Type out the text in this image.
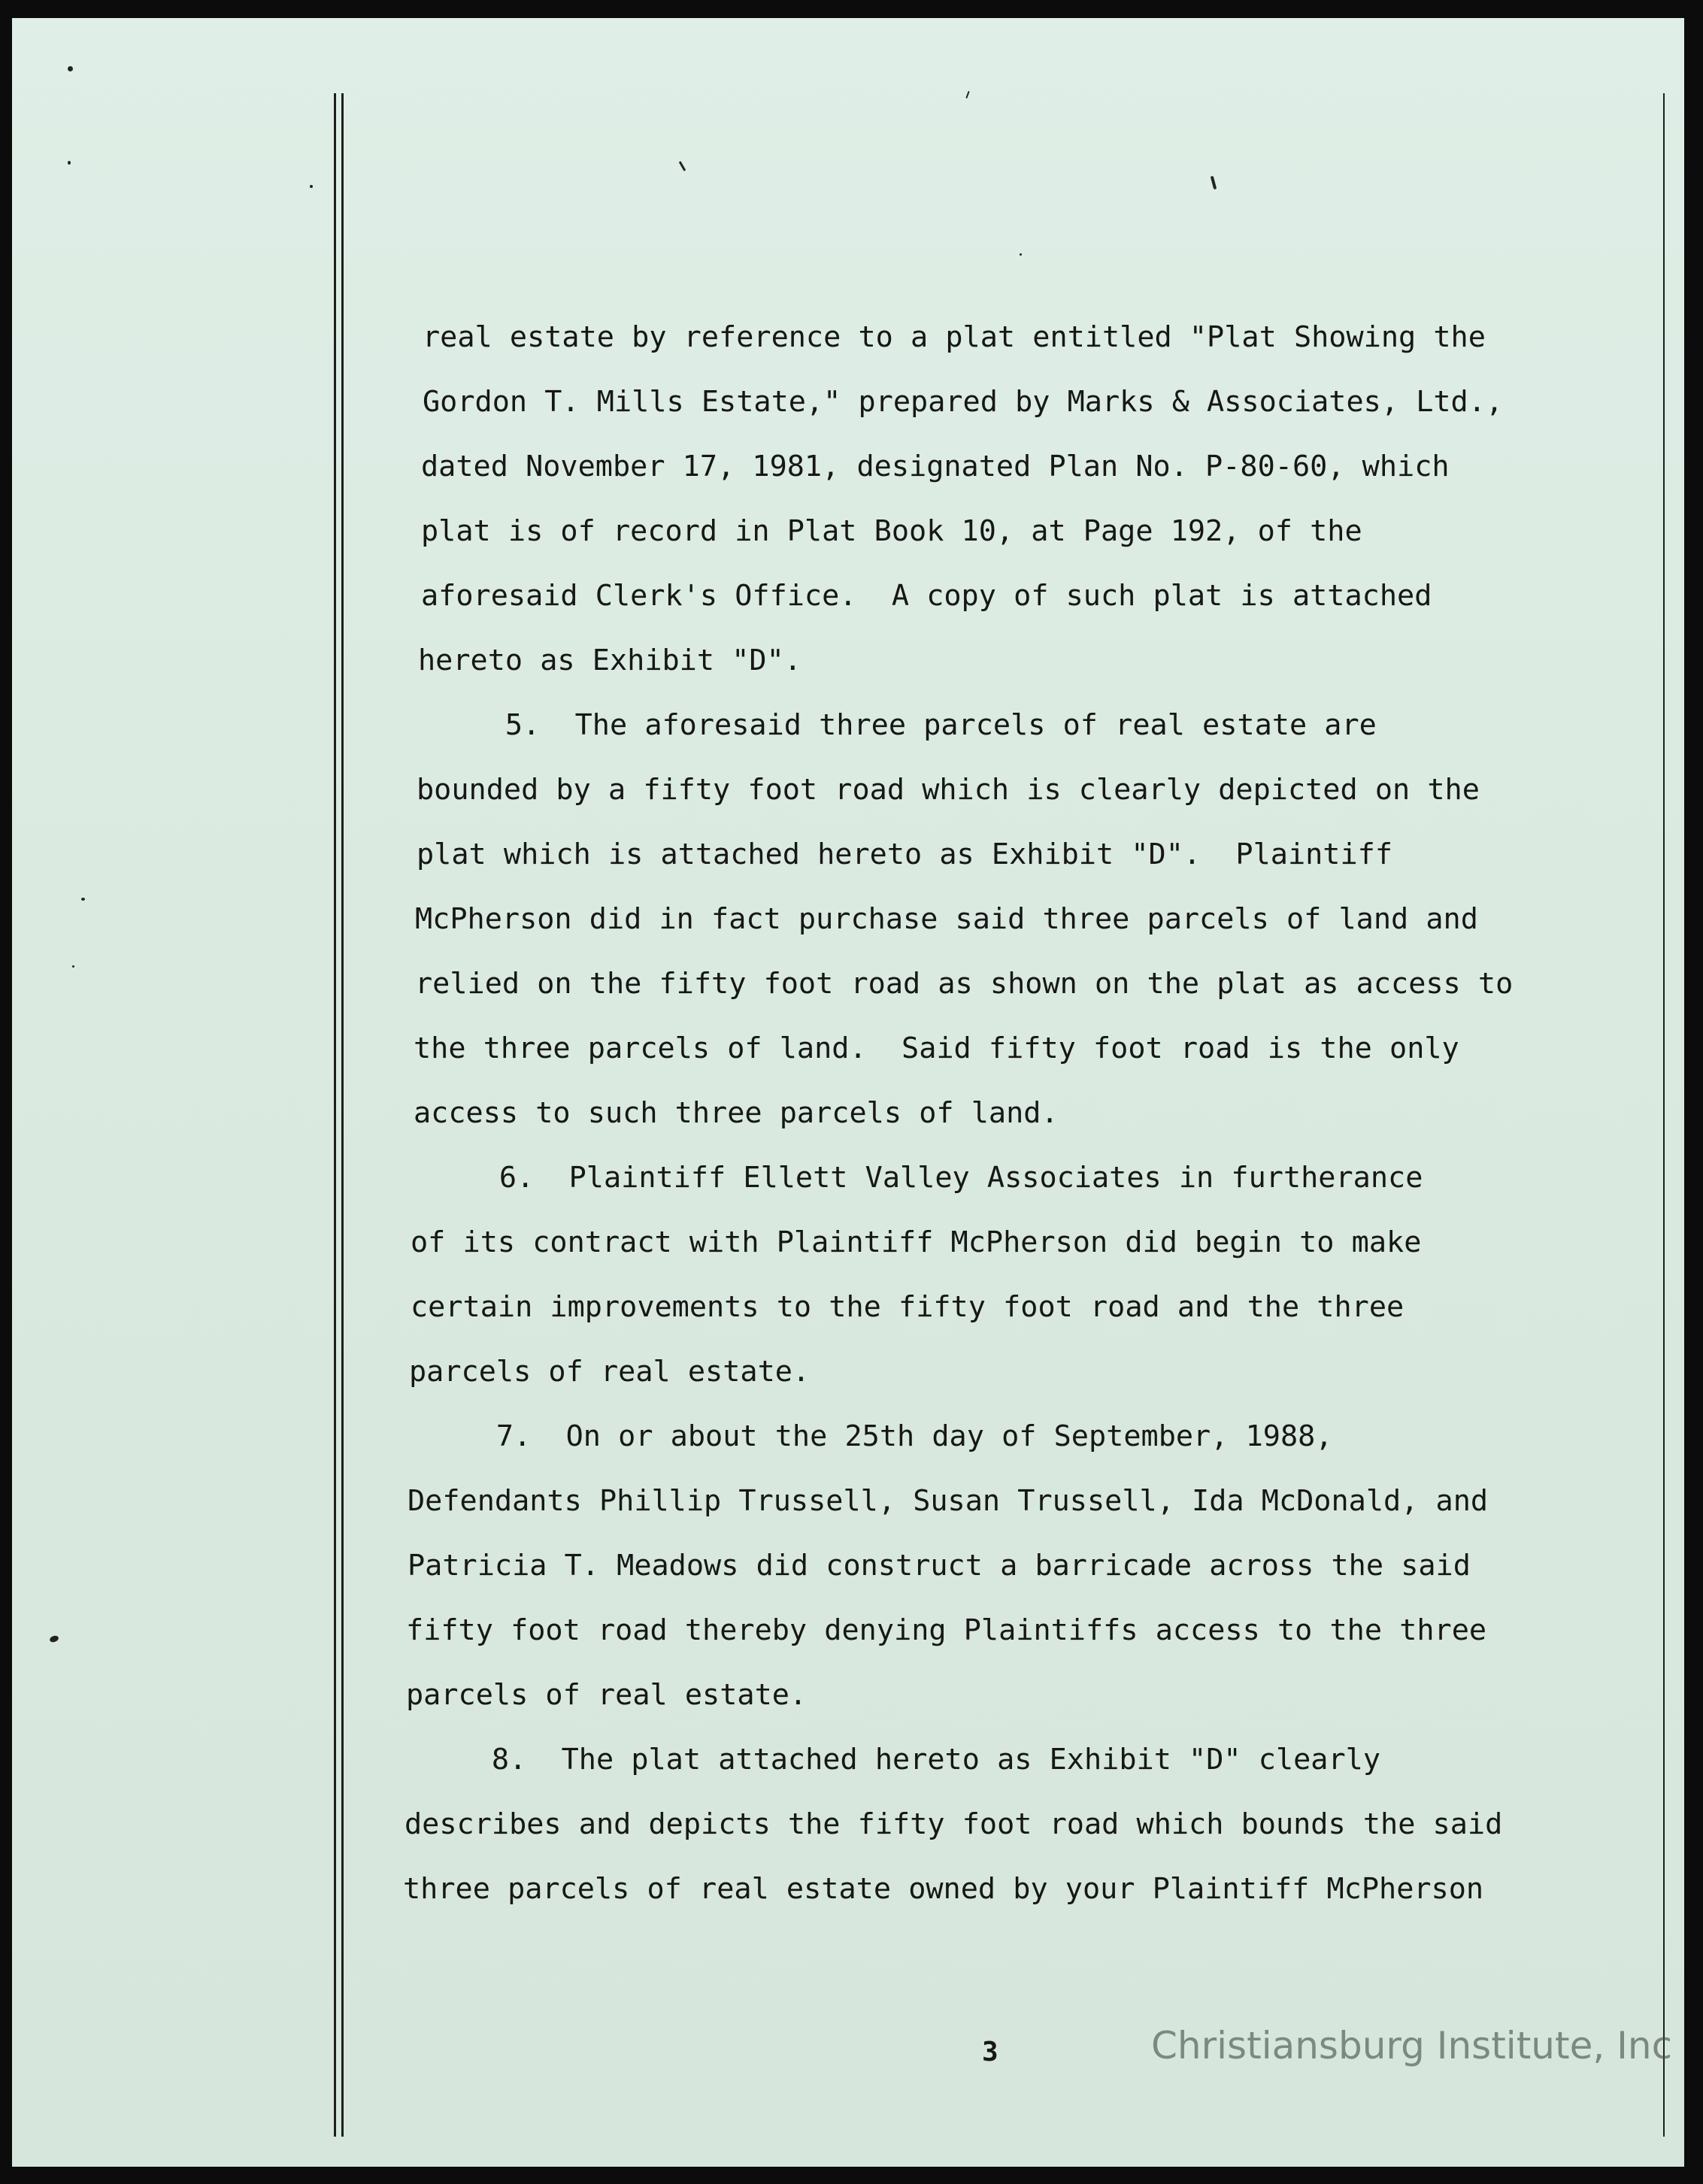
real estate by reference to a plat entitled "Plat Showing the
Gordon T. Mills Estate," prepared by Marks & Associates, Ltd.,
dated November 17, 1981, designated Plan No. P-80-60, which
plat is of record in Plat Book 10, at Page 192, of the
aforesaid Clerk's Office.  A copy of such plat is attached
hereto as Exhibit "D".
5.  The aforesaid three parcels of real estate are
bounded by a fifty foot road which is clearly depicted on the
plat which is attached hereto as Exhibit "D".  Plaintiff
McPherson did in fact purchase said three parcels of land and
relied on the fifty foot road as shown on the plat as access to
the three parcels of land.  Said fifty foot road is the only
access to such three parcels of land.
6.  Plaintiff Ellett Valley Associates in furtherance
of its contract with Plaintiff McPherson did begin to make
certain improvements to the fifty foot road and the three
parcels of real estate.
7.  On or about the 25th day of September, 1988,
Defendants Phillip Trussell, Susan Trussell, Ida McDonald, and
Patricia T. Meadows did construct a barricade across the said
fifty foot road thereby denying Plaintiffs access to the three
parcels of real estate.
8.  The plat attached hereto as Exhibit "D" clearly
describes and depicts the fifty foot road which bounds the said
three parcels of real estate owned by your Plaintiff McPherson
3	Christiansburg Institute, Inc
